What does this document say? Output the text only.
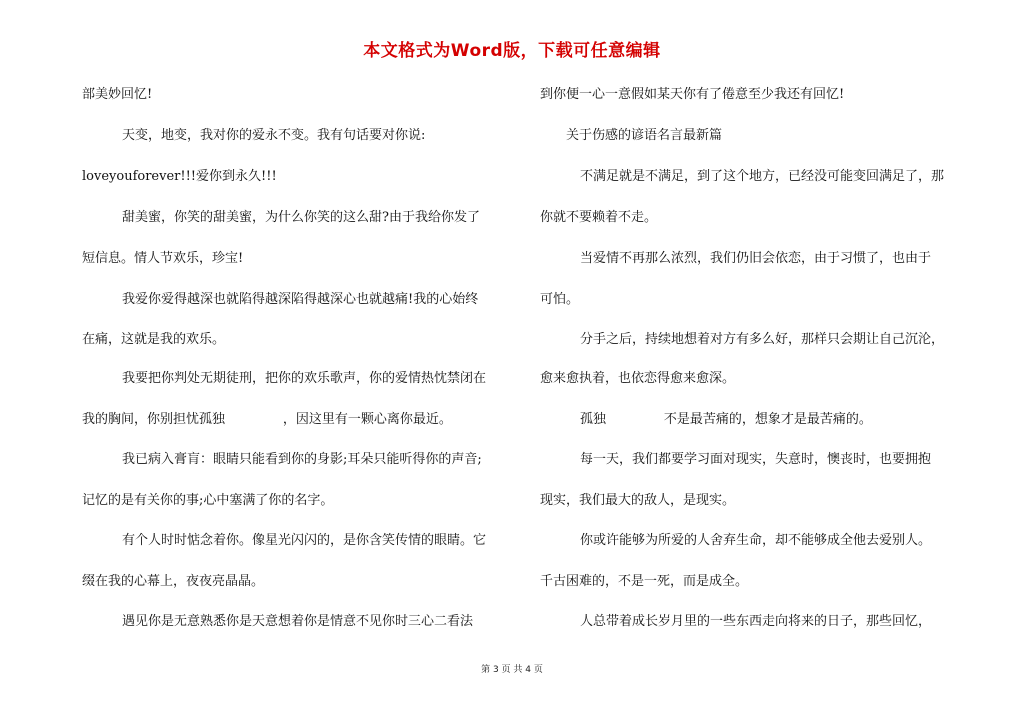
本文格式为Word版，下载可任意编辑
部美妙回忆!
天变，地变，我对你的爱永不变。我有句话要对你说:
loveyouforever!!!爱你到永久!!!
甜美蜜，你笑的甜美蜜，为什么你笑的这么甜?由于我给你发了
短信息。情人节欢乐，珍宝!
我爱你爱得越深也就陷得越深陷得越深心也就越痛!我的心始终
在痛，这就是我的欢乐。
我要把你判处无期徒刑，把你的欢乐歌声，你的爱情热忱禁闭在
我的胸间，你别担忧孤独              ，因这里有一颗心离你最近。
我已病入膏肓：眼睛只能看到你的身影;耳朵只能听得你的声音;
记忆的是有关你的事;心中塞满了你的名字。
有个人时时惦念着你。像星光闪闪的，是你含笑传情的眼睛。它
缀在我的心幕上，夜夜亮晶晶。
遇见你是无意熟悉你是天意想着你是情意不见你时三心二看法
到你便一心一意假如某天你有了倦意至少我还有回忆!
关于伤感的谚语名言最新篇
不满足就是不满足，到了这个地方，已经没可能变回满足了，那
你就不要赖着不走。
当爱情不再那么浓烈，我们仍旧会依恋，由于习惯了，也由于
可怕。
分手之后，持续地想着对方有多么好，那样只会期让自己沉沦，
愈来愈执着，也依恋得愈来愈深。
孤独              不是最苦痛的，想象才是最苦痛的。
每一天，我们都要学习面对现实，失意时，懊丧时，也要拥抱
现实，我们最大的敌人，是现实。
你或许能够为所爱的人舍弃生命，却不能够成全他去爱别人。
千古困难的，不是一死，而是成全。
人总带着成长岁月里的一些东西走向将来的日子，那些回忆，
第 3 页 共 4 页
